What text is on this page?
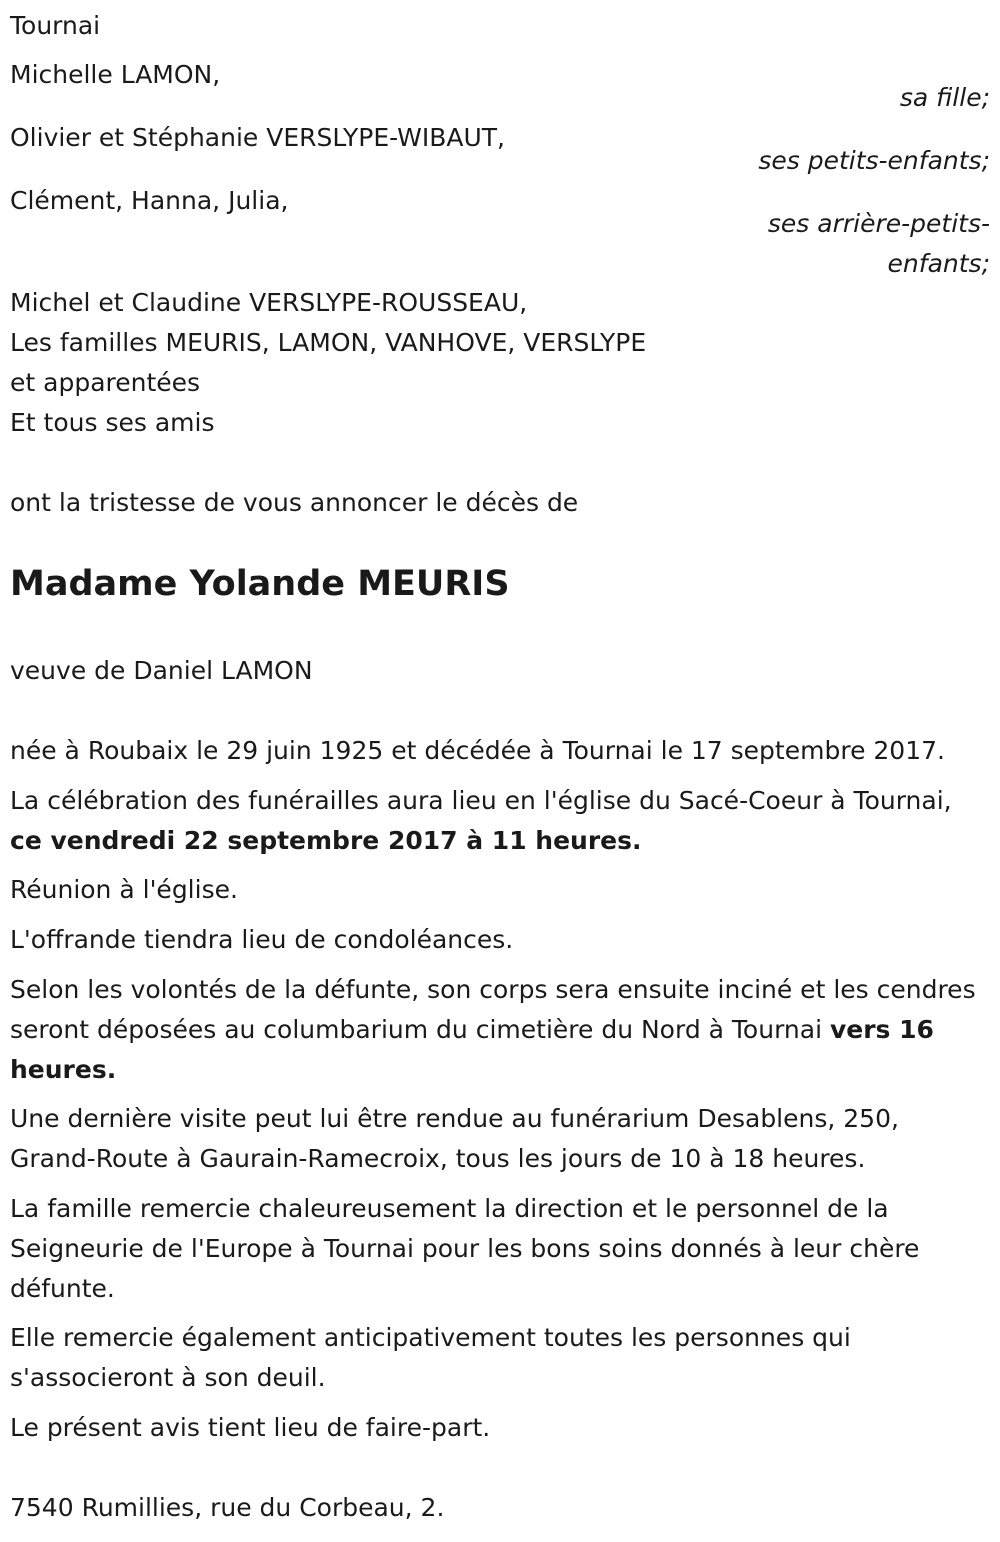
Tournai
Michelle LAMON,
sa fille;
Olivier et Stéphanie VERSLYPE-WIBAUT,
ses petits-enfants;
Clément, Hanna, Julia,
ses arrière-petits-
enfants;
Michel et Claudine VERSLYPE-ROUSSEAU,
Les familles MEURIS, LAMON, VANHOVE, VERSLYPE
et apparentées
Et tous ses amis
ont la tristesse de vous annoncer le décès de
Madame Yolande MEURIS
veuve de Daniel LAMON
née à Roubaix le 29 juin 1925 et décédée à Tournai le 17 septembre 2017.
La célébration des funérailles aura lieu en l'église du Sacé-Coeur à Tournai, ce vendredi 22 septembre 2017 à 11 heures.
Réunion à l'église.
L'offrande tiendra lieu de condoléances.
Selon les volontés de la défunte, son corps sera ensuite inciné et les cendres seront déposées au columbarium du cimetière du Nord à Tournai vers 16 heures.
Une dernière visite peut lui être rendue au funérarium Desablens, 250, Grand-Route à Gaurain-Ramecroix, tous les jours de 10 à 18 heures.
La famille remercie chaleureusement la direction et le personnel de la Seigneurie de l'Europe à Tournai pour les bons soins donnés à leur chère défunte.
Elle remercie également anticipativement toutes les personnes qui s'associeront à son deuil.
Le présent avis tient lieu de faire-part.
7540 Rumillies, rue du Corbeau, 2.
